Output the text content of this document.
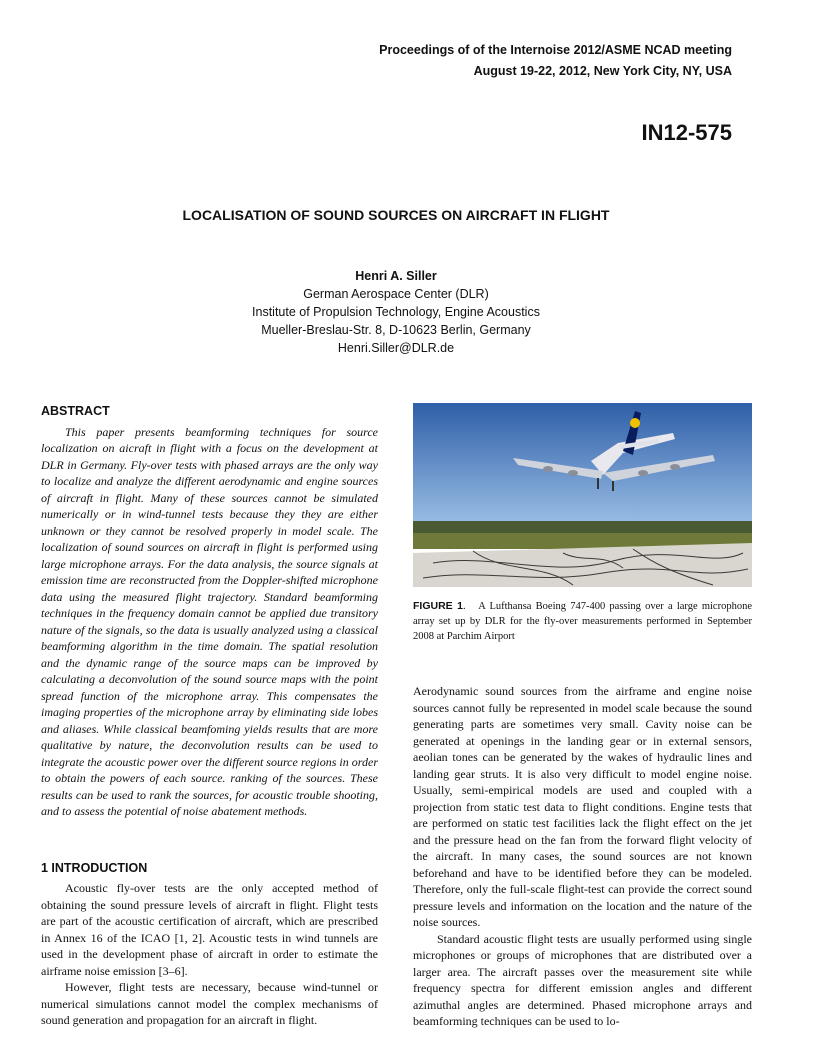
Proceedings of of the Internoise 2012/ASME NCAD meeting
August 19-22, 2012, New York City, NY, USA
IN12-575
LOCALISATION OF SOUND SOURCES ON AIRCRAFT IN FLIGHT
Henri A. Siller
German Aerospace Center (DLR)
Institute of Propulsion Technology, Engine Acoustics
Mueller-Breslau-Str. 8, D-10623 Berlin, Germany
Henri.Siller@DLR.de
ABSTRACT

This paper presents beamforming techniques for source localization on aicraft in flight with a focus on the development at DLR in Germany. Fly-over tests with phased arrays are the only way to localize and analyze the different aerodynamic and engine sources of aircraft in flight. Many of these sources cannot be simulated numerically or in wind-tunnel tests because they they are either unknown or they cannot be resolved properly in model scale. The localization of sound sources on aircraft in flight is performed using large microphone arrays. For the data analysis, the source signals at emission time are reconstructed from the Doppler-shifted microphone data using the measured flight trajectory. Standard beamforming techniques in the frequency domain cannot be applied due transitory nature of the signals, so the data is usually analyzed using a classical beamforming algorithm in the time domain. The spatial resolution and the dynamic range of the source maps can be improved by calculating a deconvolution of the sound source maps with the point spread function of the microphone array. This compensates the imaging properties of the microphone array by eliminating side lobes and aliases. While classical beamfoming yields results that are more qualitative by nature, the deconvolution results can be used to integrate the acoustic power over the different source regions in order to obtain the powers of each source. ranking of the sources. These results can be used to rank the sources, for acoustic trouble shooting, and to assess the potential of noise abatement methods.

1 INTRODUCTION

Acoustic fly-over tests are the only accepted method of obtaining the sound pressure levels of aircraft in flight. Flight tests are part of the acoustic certification of aircraft, which are prescribed in Annex 16 of the ICAO [1, 2]. Acoustic tests in wind tunnels are used in the development phase of aircraft in order to estimate the airframe noise emission [3–6].

However, flight tests are necessary, because wind-tunnel or numerical simulations cannot model the complex mechanisms of sound generation and propagation for an aircraft in flight.

FIGURE 1.   A Lufthansa Boeing 747-400 passing over a large microphone array set up by DLR for the fly-over measurements performed in September 2008 at Parchim Airport

Aerodynamic sound sources from the airframe and engine noise sources cannot fully be represented in model scale because the sound generating parts are sometimes very small. Cavity noise can be generated at openings in the landing gear or in external sensors, aeolian tones can be generated by the wakes of hydraulic lines and landing gear struts. It is also very difficult to model engine noise. Usually, semi-empirical models are used and coupled with a projection from static test data to flight conditions. Engine tests that are performed on static test facilities lack the flight effect on the jet and the pressure head on the fan from the forward flight velocity of the aircraft. In many cases, the sound sources are not known beforehand and have to be identified before they can be modeled. Therefore, only the full-scale flight-test can provide the correct sound pressure levels and information on the location and the nature of the noise sources.

Standard acoustic flight tests are usually performed using single microphones or groups of microphones that are distributed over a larger area. The aircraft passes over the measurement site while frequency spectra for different emission angles and different azimuthal angles are determined. Phased microphone arrays and beamforming techniques can be used to lo-
